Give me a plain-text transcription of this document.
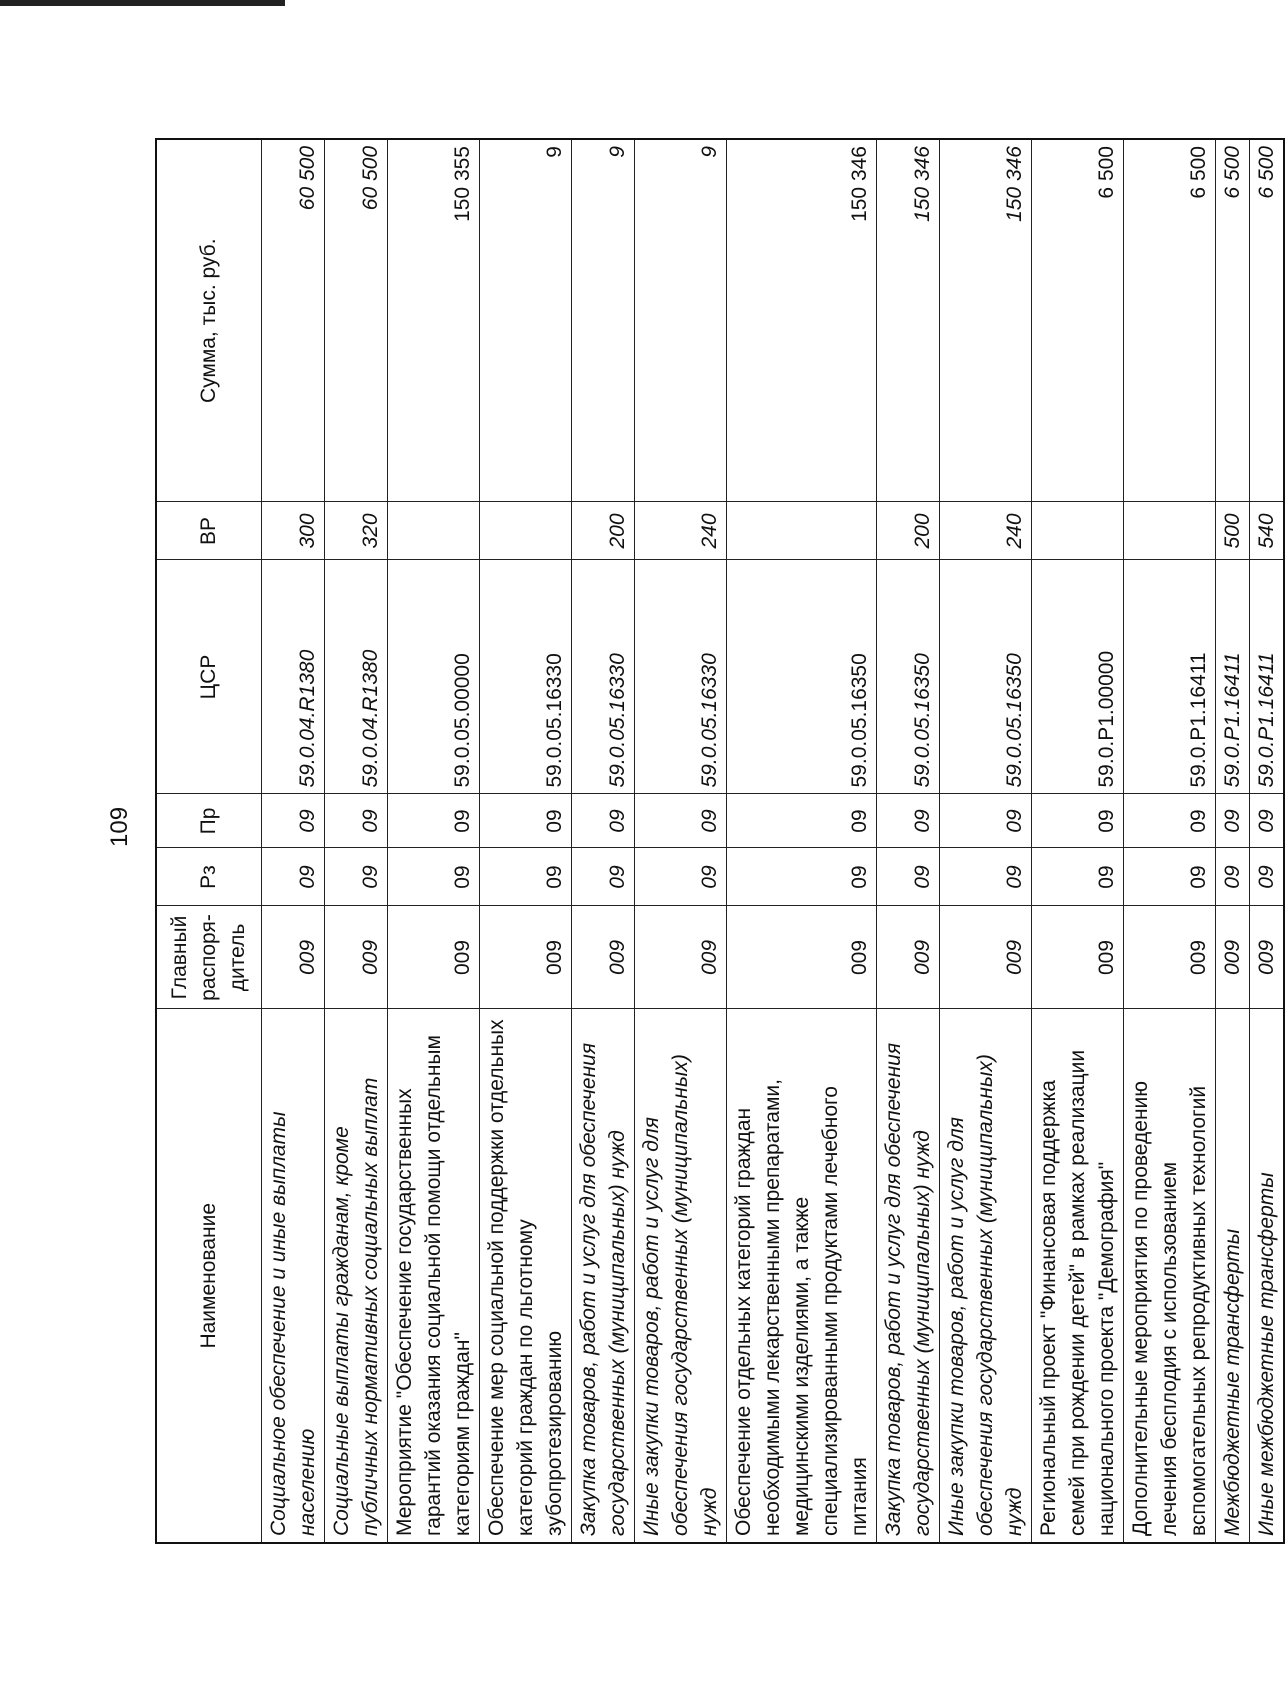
109
Наименование	Главный распоря-дитель	Рз	Пр	ЦСР	ВР	Сумма, тыс. руб.
Социальное обеспечение и иные выплаты населению	009	09	09	59.0.04.R1380	300	60 500
Социальные выплаты гражданам, кроме публичных нормативных социальных выплат	009	09	09	59.0.04.R1380	320	60 500
Мероприятие "Обеспечение государственных гарантий оказания социальной помощи отдельным категориям граждан"	009	09	09	59.0.05.00000		150 355
Обеспечение мер социальной поддержки отдельных категорий граждан по льготному зубопротезированию	009	09	09	59.0.05.16330		9
Закупка товаров, работ и услуг для обеспечения государственных (муниципальных) нужд	009	09	09	59.0.05.16330	200	9
Иные закупки товаров, работ и услуг для обеспечения государственных (муниципальных) нужд	009	09	09	59.0.05.16330	240	9
Обеспечение отдельных категорий граждан необходимыми лекарственными препаратами, медицинскими изделиями, а также специализированными продуктами лечебного питания	009	09	09	59.0.05.16350		150 346
Закупка товаров, работ и услуг для обеспечения государственных (муниципальных) нужд	009	09	09	59.0.05.16350	200	150 346
Иные закупки товаров, работ и услуг для обеспечения государственных (муниципальных) нужд	009	09	09	59.0.05.16350	240	150 346
Региональный проект "Финансовая поддержка семей при рождении детей" в рамках реализации национального проекта "Демография"	009	09	09	59.0.P1.00000		6 500
Дополнительные мероприятия по проведению лечения бесплодия с использованием вспомогательных репродуктивных технологий	009	09	09	59.0.P1.16411		6 500
Межбюджетные трансферты	009	09	09	59.0.P1.16411	500	6 500
Иные межбюджетные трансферты	009	09	09	59.0.P1.16411	540	6 500
